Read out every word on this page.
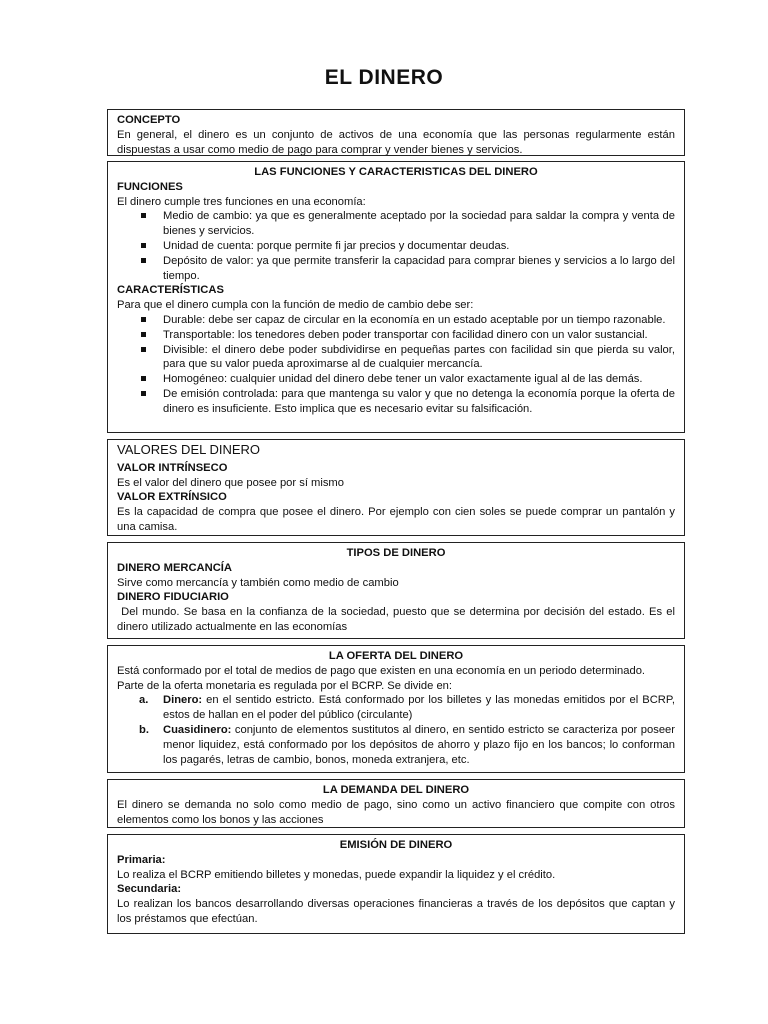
EL DINERO

CONCEPTO

En general, el dinero es un conjunto de activos de una economía que las personas regularmente están dispuestas a usar como medio de pago para comprar y vender bienes y servicios.

LAS FUNCIONES Y CARACTERISTICAS DEL DINERO

FUNCIONES

El dinero cumple tres funciones en una economía:

Medio de cambio: ya que es generalmente aceptado por la sociedad para saldar la compra y venta de bienes y servicios.
Unidad de cuenta: porque permite fi jar precios y documentar deudas.
Depósito de valor: ya que permite transferir la capacidad para comprar bienes y servicios a lo largo del tiempo.

CARACTERÍSTICAS

Para que el dinero cumpla con la función de medio de cambio debe ser:

Durable: debe ser capaz de circular en la economía en un estado aceptable por un tiempo razonable.
Transportable: los tenedores deben poder transportar con facilidad dinero con un valor sustancial.
Divisible: el dinero debe poder subdividirse en pequeñas partes con facilidad sin que pierda su valor, para que su valor pueda aproximarse al de cualquier mercancía.
Homogéneo: cualquier unidad del dinero debe tener un valor exactamente igual al de las demás.
De emisión controlada: para que mantenga su valor y que no detenga la economía porque la oferta de dinero es insuficiente. Esto implica que es necesario evitar su falsificación.

VALORES DEL DINERO

VALOR INTRÍNSECO

Es el valor del dinero que posee por sí mismo

VALOR EXTRÍNSICO

Es la capacidad de compra que posee el dinero. Por ejemplo con cien soles se puede comprar un pantalón y una camisa.

TIPOS DE DINERO

DINERO MERCANCÍA

Sirve como mercancía y también como medio de cambio

DINERO FIDUCIARIO

Del mundo. Se basa en la confianza de la sociedad, puesto que se determina por decisión del estado. Es el dinero utilizado actualmente en las economías

LA OFERTA DEL DINERO

Está conformado por el total de medios de pago que existen en una economía en un periodo determinado.

Parte de la oferta monetaria es regulada por el BCRP. Se divide en:

a. Dinero: en el sentido estricto. Está conformado por los billetes y las monedas emitidos por el BCRP, estos de hallan en el poder del público (circulante)
b. Cuasidinero: conjunto de elementos sustitutos al dinero, en sentido estricto se caracteriza por poseer menor liquidez, está conformado por los depósitos de ahorro y plazo fijo en los bancos; lo conforman los pagarés, letras de cambio, bonos, moneda extranjera, etc.

LA DEMANDA DEL DINERO

El dinero se demanda no solo como medio de pago, sino como un activo financiero que compite con otros elementos como los bonos y las acciones

EMISIÓN DE DINERO

Primaria:

Lo realiza el BCRP emitiendo billetes y monedas, puede expandir la liquidez y el crédito.

Secundaria:

Lo realizan los bancos desarrollando diversas operaciones financieras a través de los depósitos que captan y los préstamos que efectúan.
